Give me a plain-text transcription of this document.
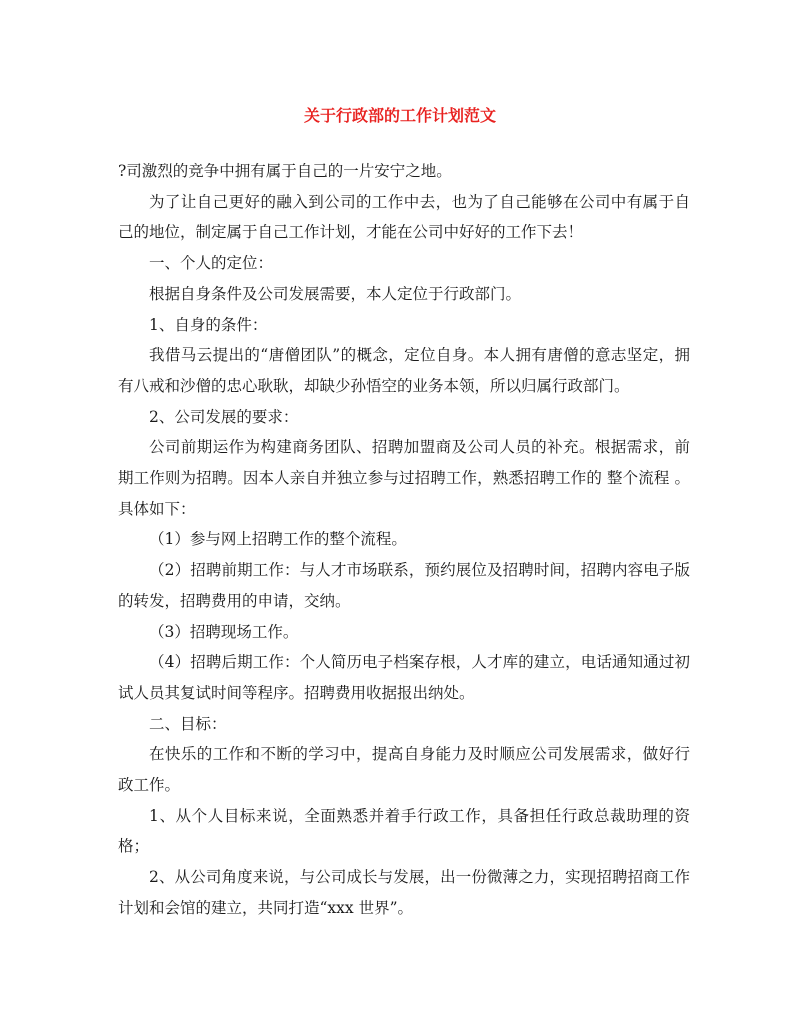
关于行政部的工作计划范文

?司激烈的竞争中拥有属于自己的一片安宁之地。

为了让自己更好的融入到公司的工作中去，也为了自己能够在公司中有属于自己的地位，制定属于自己工作计划，才能在公司中好好的工作下去！

一、个人的定位：

根据自身条件及公司发展需要，本人定位于行政部门。

1、自身的条件：

我借马云提出的“唐僧团队”的概念，定位自身。本人拥有唐僧的意志坚定，拥有八戒和沙僧的忠心耿耿，却缺少孙悟空的业务本领，所以归属行政部门。

2、公司发展的要求：

公司前期运作为构建商务团队、招聘加盟商及公司人员的补充。根据需求，前期工作则为招聘。因本人亲自并独立参与过招聘工作，熟悉招聘工作的 整个流程 。具体如下：

（1）参与网上招聘工作的整个流程。

（2）招聘前期工作：与人才市场联系，预约展位及招聘时间，招聘内容电子版的转发，招聘费用的申请，交纳。

（3）招聘现场工作。

（4）招聘后期工作：个人简历电子档案存根，人才库的建立，电话通知通过初试人员其复试时间等程序。招聘费用收据报出纳处。

二、目标：

在快乐的工作和不断的学习中，提高自身能力及时顺应公司发展需求，做好行政工作。

1、从个人目标来说，全面熟悉并着手行政工作，具备担任行政总裁助理的资格；

2、从公司角度来说，与公司成长与发展，出一份微薄之力，实现招聘招商工作计划和会馆的建立，共同打造“xxx 世界”。
